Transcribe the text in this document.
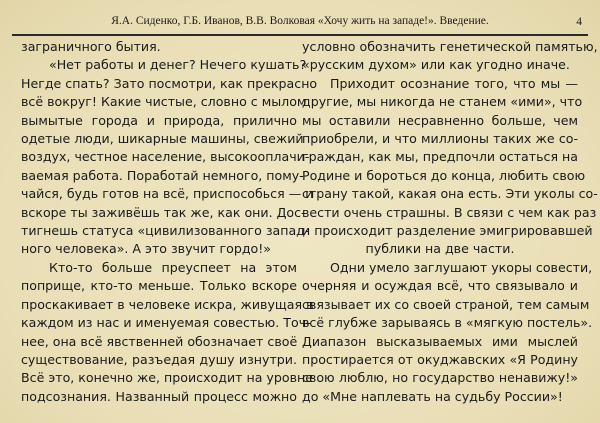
Я.А. Сиденко, Г.Б. Иванов, В.В. Волковая «Хочу жить на западе!». Введение.	4
заграничного бытия.
«Нет работы и денег? Нечего кушать?
Негде спать? Зато посмотри, как прекрасно
всё вокруг! Какие чистые, словно с мылом
вымытые города и природа, прилично
одетые люди, шикарные машины, свежий
воздух, честное население, высокооплачи-
ваемая работа. Поработай немного, пому-
чайся, будь готов на всё, приспособься — и
вскоре ты заживёшь так же, как они. Дос-
тигнешь статуса «цивилизованного запад-
ного человека». А это звучит гордо!»
Кто-то больше преуспеет на этом
поприще, кто-то меньше. Только вскоре
проскакивает в человеке искра, живущая в
каждом из нас и именуемая совестью. Точ-
нее, она всё явственней обозначает своё
существование, разъедая душу изнутри.
Всё это, конечно же, происходит на уровне
подсознания. Названный процесс можно
условно обозначить генетической памятью,
«русским духом» или как угодно иначе.
Приходит осознание того, что мы —
другие, мы никогда не станем «ими», что
мы оставили несравненно больше, чем
приобрели, и что миллионы таких же со-
граждан, как мы, предпочли остаться на
Родине и бороться до конца, любить свою
страну такой, какая она есть. Эти уколы со-
вести очень страшны. В связи с чем как раз
и происходит разделение эмигрировавшей
публики на две части.
Одни умело заглушают укоры совести,
очерняя и осуждая всё, что связывало и
связывает их со своей страной, тем самым
всё глубже зарываясь в «мягкую постель».
Диапазон высказываемых ими мыслей
простирается от окуджавских «Я Родину
свою люблю, но государство ненавижу!»
до «Мне наплевать на судьбу России»!
